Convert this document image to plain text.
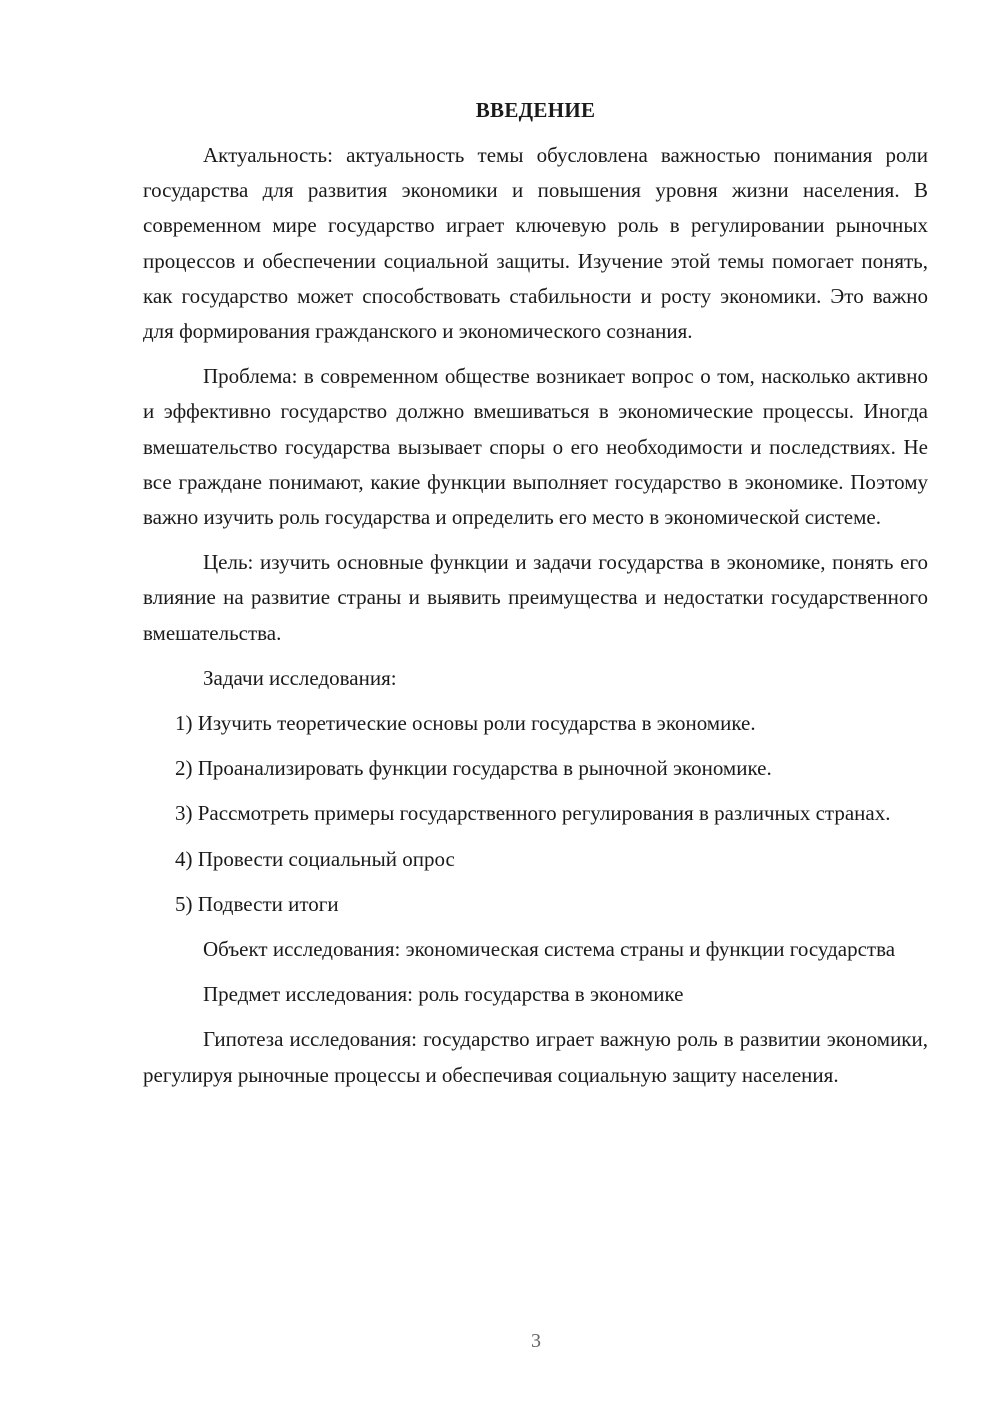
ВВЕДЕНИЕ

Актуальность: актуальность темы обусловлена важностью понимания роли государства для развития экономики и повышения уровня жизни населения. В современном мире государство играет ключевую роль в регулировании рыночных процессов и обеспечении социальной защиты. Изучение этой темы помогает понять, как государство может способствовать стабильности и росту экономики. Это важно для формирования гражданского и экономического сознания.

Проблема: в современном обществе возникает вопрос о том, насколько активно и эффективно государство должно вмешиваться в экономические процессы. Иногда вмешательство государства вызывает споры о его необходимости и последствиях. Не все граждане понимают, какие функции выполняет государство в экономике. Поэтому важно изучить роль государства и определить его место в экономической системе.

Цель: изучить основные функции и задачи государства в экономике, понять его влияние на развитие страны и выявить преимущества и недостатки государственного вмешательства.

Задачи исследования:

1) Изучить теоретические основы роли государства в экономике.

2) Проанализировать функции государства в рыночной экономике.

3) Рассмотреть примеры государственного регулирования в различных странах.

4) Провести социальный опрос

5) Подвести итоги

Объект исследования: экономическая система страны и функции государства

Предмет исследования: роль государства в экономике

Гипотеза исследования: государство играет важную роль в развитии экономики, регулируя рыночные процессы и обеспечивая социальную защиту населения.

3
